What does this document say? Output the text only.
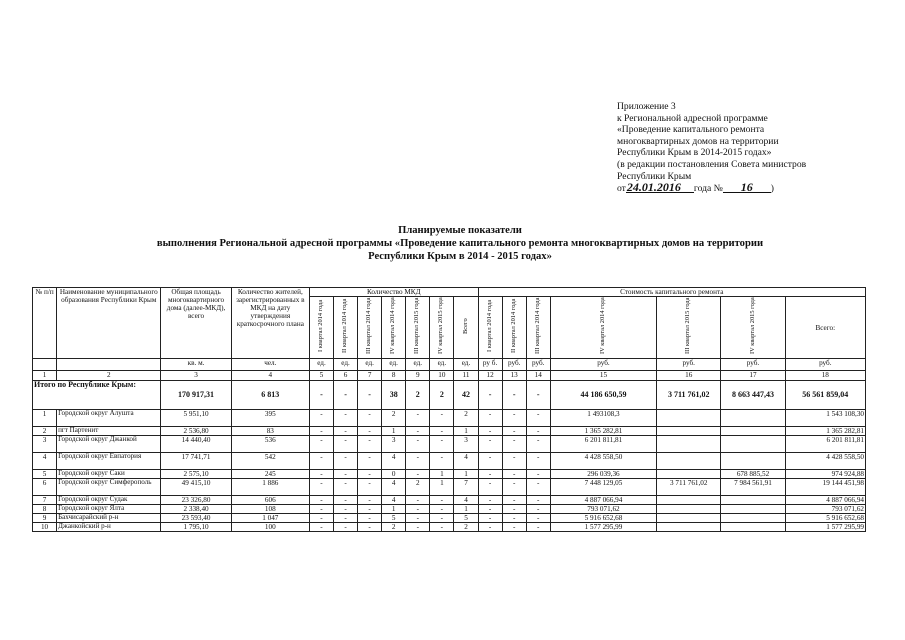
Приложение 3
к Региональной адресной программе
«Проведение капитального ремонта
многоквартирных домов на территории
Республики Крым в 2014-2015 годах»
(в редакции постановления Совета министров
Республики Крым
от24.01.2016 года № 16 )
Планируемые показатели
выполнения Региональной адресной программы «Проведение капитального ремонта многоквартирных домов на территории
Республики Крым в 2014 - 2015 годах»
№ п/п	Наименование муниципального образования Республики Крым	Общая площадь многоквартирного дома (далее-МКД), всего	Количество жителей, зарегистрированных в МКД на дату утверждения краткосрочного плана	Количество МКД							Стоимость капитального ремонта						

				I квартал 2014 года	II квартал 2014 года	III квартал 2014 года	IV квартал 2014 года	III квартал 2015 года	IV квартал 2015 года	Всего	I квартал 2014 года	II квартал 2014 года	III квартал 2014 года	IV квартал 2014 года	III квартал 2015 года	IV квартал 2015 года	Всего:
		кв. м.	чел.	ед.	ед.	ед.	ед.	ед.	ед.	ед.	ру б.	руб.	руб.	руб.	руб.	руб.	руб.
1	2	3	4	5	6	7	8	9	10	11	12	13	14	15	16	17	18
Итого по Республике Крым:		170 917,31	6 813	-	-	-	38	2	2	42	-	-	-	44 186 650,59	3 711 761,02	8 663 447,43	56 561 859,04
1	Городской округ Алушта	5 951,10	395	-	-	-	2	-	-	2	-	-	-	1 493108,3			1 543 108,30
2	пгт Партенит	2 536,80	83	-	-	-	1	-	-	1	-	-	-	1 365 282,81			1 365 282,81
3	Городской округ Джанкой	14 440,40	536	-	-	-	3	-	-	3	-	-	-	6 201 811,81			6 201 811,81
4	Городской округ Евпатория	17 741,71	542	-	-	-	4	-	-	4	-	-	-	4 428 558,50			4 428 558,50
5	Городской округ Саки	2 575,10	245	-	-	-	0	-	1	1	-	-	-	296 039,36		678 885,52	974 924,88
6	Городской округ Симферополь	49 415,10	1 886	-	-	-	4	2	1	7	-	-	-	7 448 129,05	3 711 761,02	7 984 561,91	19 144 451,98
7	Городской округ Судак	23 326,80	606	-	-	-	4	-	-	4	-	-	-	4 887 066,94			4 887 066,94
8	Городской округ Ялта	2 338,40	108	-	-	-	1	-	-	1	-	-	-	793 071,62			793 071,62
9	Бахчисарайский р-н	23 593,40	1 047	-	-	-	5	-	-	5	-	-	-	5 916 652,68			5 916 652,68
10	Джанкойский р-н	1 795,10	100	-	-	-	2	-	-	2	-	-	-	1 577 295,99			1 577 295,99
